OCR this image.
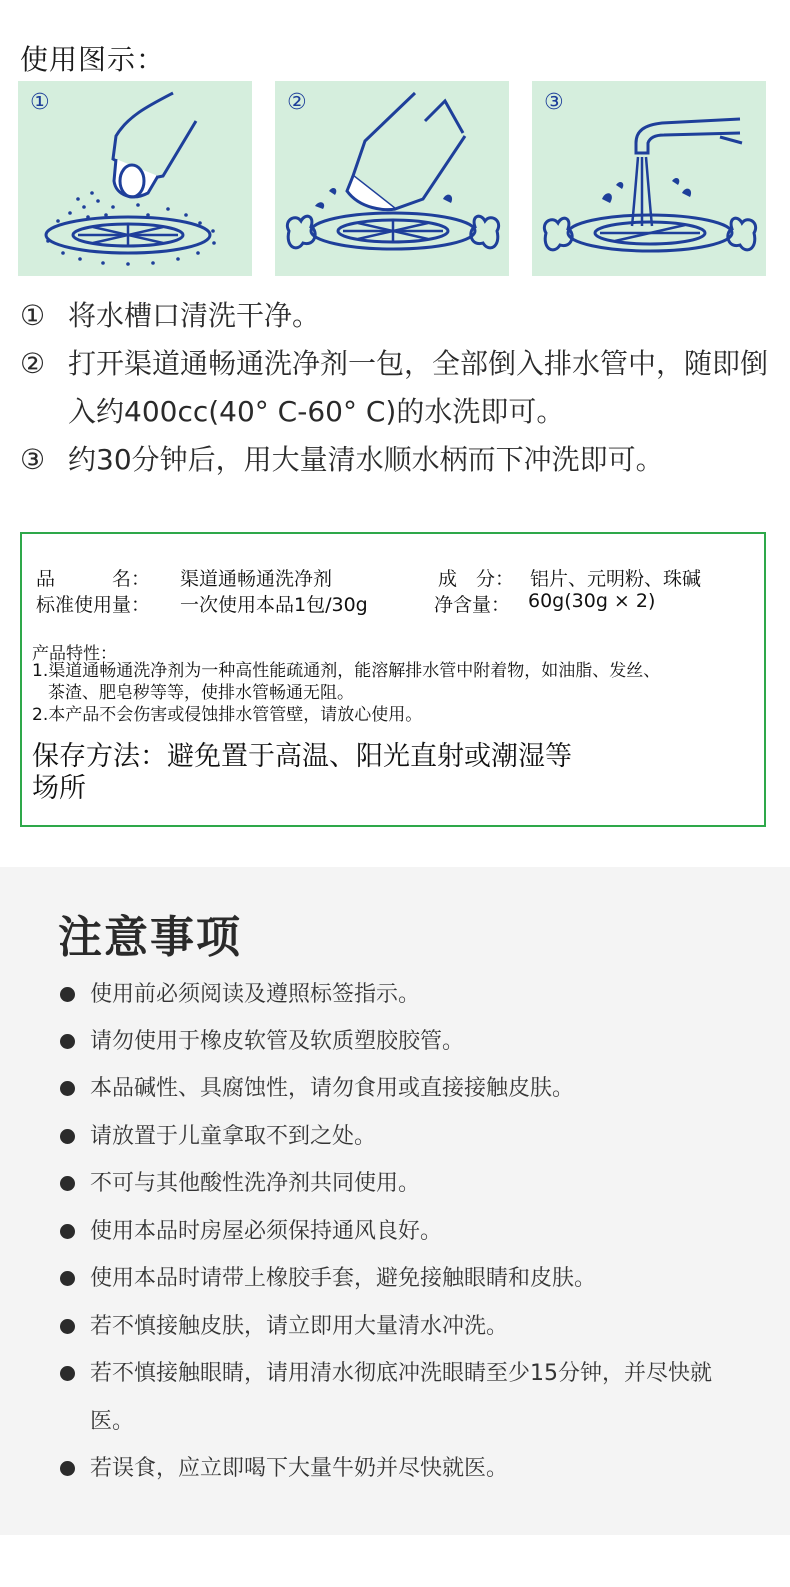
使用图示：
①	②	③
① 将水槽口清洗干净。
② 打开渠道通畅通洗净剂一包，全部倒入排水管中，随即倒入约400cc(40° C-60° C)的水洗即可。
③ 约30分钟后，用大量清水顺水柄而下冲洗即可。
品　　　名： 渠道通畅通洗净剂	成　分： 铝片、元明粉、珠碱
标准使用量： 一次使用本品1包/30g	净含量： 60g(30g × 2)
产品特性：
1.渠道通畅通洗净剂为一种高性能疏通剂，能溶解排水管中附着物，如油脂、发丝、
茶渣、肥皂秽等等，使排水管畅通无阻。
2.本产品不会伤害或侵蚀排水管管壁，请放心使用。
保存方法：避免置于高温、阳光直射或潮湿等场所
注意事项
使用前必须阅读及遵照标签指示。
请勿使用于橡皮软管及软质塑胶胶管。
本品碱性、具腐蚀性，请勿食用或直接接触皮肤。
请放置于儿童拿取不到之处。
不可与其他酸性洗净剂共同使用。
使用本品时房屋必须保持通风良好。
使用本品时请带上橡胶手套，避免接触眼睛和皮肤。
若不慎接触皮肤，请立即用大量清水冲洗。
若不慎接触眼睛，请用清水彻底冲洗眼睛至少15分钟，并尽快就医。
若误食，应立即喝下大量牛奶并尽快就医。
